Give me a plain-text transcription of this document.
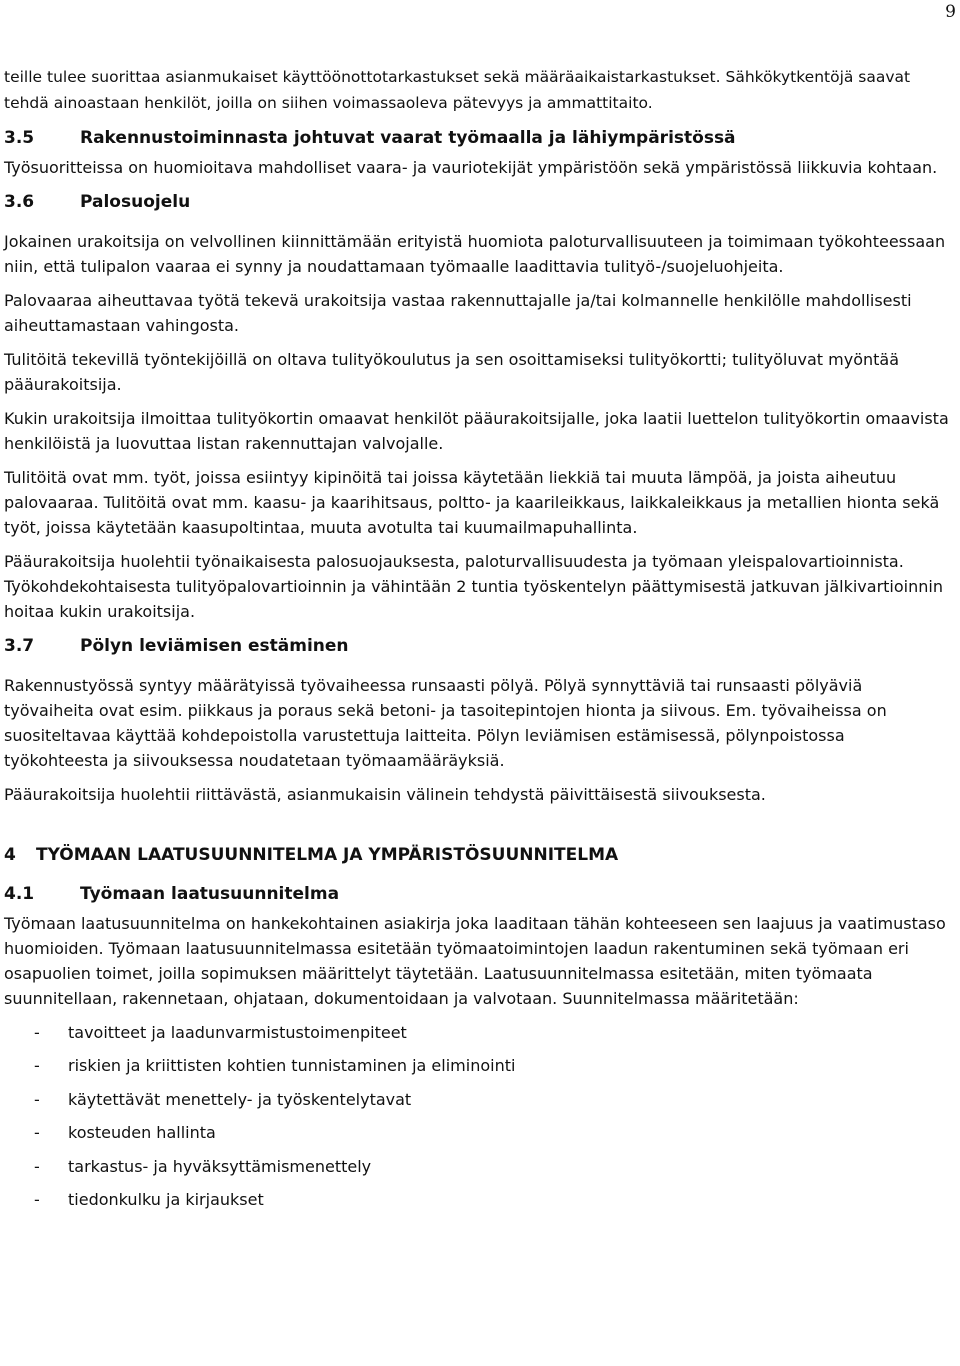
9

teille tulee suorittaa asianmukaiset käyttöönottotarkastukset sekä määräaikaistarkastukset. Sähkökytkentöjä saavat tehdä ainoastaan henkilöt, joilla on siihen voimassaoleva pätevyys ja ammattitaito.

3.5	Rakennustoiminnasta johtuvat vaarat työmaalla ja lähiympäristössä

Työsuoritteissa on huomioitava mahdolliset vaara- ja vauriotekijät ympäristöön sekä ympäristössä liikkuvia kohtaan.

3.6	Palosuojelu

Jokainen urakoitsija on velvollinen kiinnittämään erityistä huomiota paloturvallisuuteen ja toimimaan työkohteessaan niin, että tulipalon vaaraa ei synny ja noudattamaan työmaalle laadittavia tulityö-/suojeluohjeita.

Palovaaraa aiheuttavaa työtä tekevä urakoitsija vastaa rakennuttajalle ja/tai kolmannelle henkilölle mahdollisesti aiheuttamastaan vahingosta.

Tulitöitä tekevillä työntekijöillä on oltava tulityökoulutus ja sen osoittamiseksi tulityökortti; tulityöluvat myöntää pääurakoitsija.

Kukin urakoitsija ilmoittaa tulityökortin omaavat henkilöt pääurakoitsijalle, joka laatii luettelon tulityökortin omaavista henkilöistä ja luovuttaa listan rakennuttajan valvojalle.

Tulitöitä ovat mm. työt, joissa esiintyy kipinöitä tai joissa käytetään liekkiä tai muuta lämpöä, ja joista aiheutuu palovaaraa. Tulitöitä ovat mm. kaasu- ja kaarihitsaus, poltto- ja kaarileikkaus, laikkaleikkaus ja metallien hionta sekä työt, joissa käytetään kaasupoltintaa, muuta avotulta tai kuumailmapuhallinta.

Pääurakoitsija huolehtii työnaikaisesta palosuojauksesta, paloturvallisuudesta ja työmaan yleispalovartioinnista. Työkohdekohtaisesta tulityöpalovartioinnin ja vähintään 2 tuntia työskentelyn päättymisestä jatkuvan jälkivartioinnin hoitaa kukin urakoitsija.

3.7	Pölyn leviämisen estäminen

Rakennustyössä syntyy määrätyissä työvaiheessa runsaasti pölyä. Pölyä synnyttäviä tai runsaasti pölyäviä työvaiheita ovat esim. piikkaus ja poraus sekä betoni- ja tasoitepintojen hionta ja siivous. Em. työvaiheissa on suositeltavaa käyttää kohdepoistolla varustettuja laitteita. Pölyn leviämisen estämisessä, pölynpoistossa työkohteesta ja siivouksessa noudatetaan työmaamääräyksiä.

Pääurakoitsija huolehtii riittävästä, asianmukaisin välinein tehdystä päivittäisestä siivouksesta.

4	TYÖMAAN LAATUSUUNNITELMA JA YMPÄRISTÖSUUNNITELMA
4.1	Työmaan laatusuunnitelma

Työmaan laatusuunnitelma on hankekohtainen asiakirja joka laaditaan tähän kohteeseen sen laajuus ja vaatimustaso huomioiden. Työmaan laatusuunnitelmassa esitetään työmaatoimintojen laadun rakentuminen sekä työmaan eri osapuolien toimet, joilla sopimuksen määrittelyt täytetään. Laatusuunnitelmassa esitetään, miten työmaata suunnitellaan, rakennetaan, ohjataan, dokumentoidaan ja valvotaan. Suunnitelmassa määritetään:

-	tavoitteet ja laadunvarmistustoimenpiteet
-	riskien ja kriittisten kohtien tunnistaminen ja eliminointi
-	käytettävät menettely- ja työskentelytavat
-	kosteuden hallinta
-	tarkastus- ja hyväksyttämismenettely
-	tiedonkulku ja kirjaukset
